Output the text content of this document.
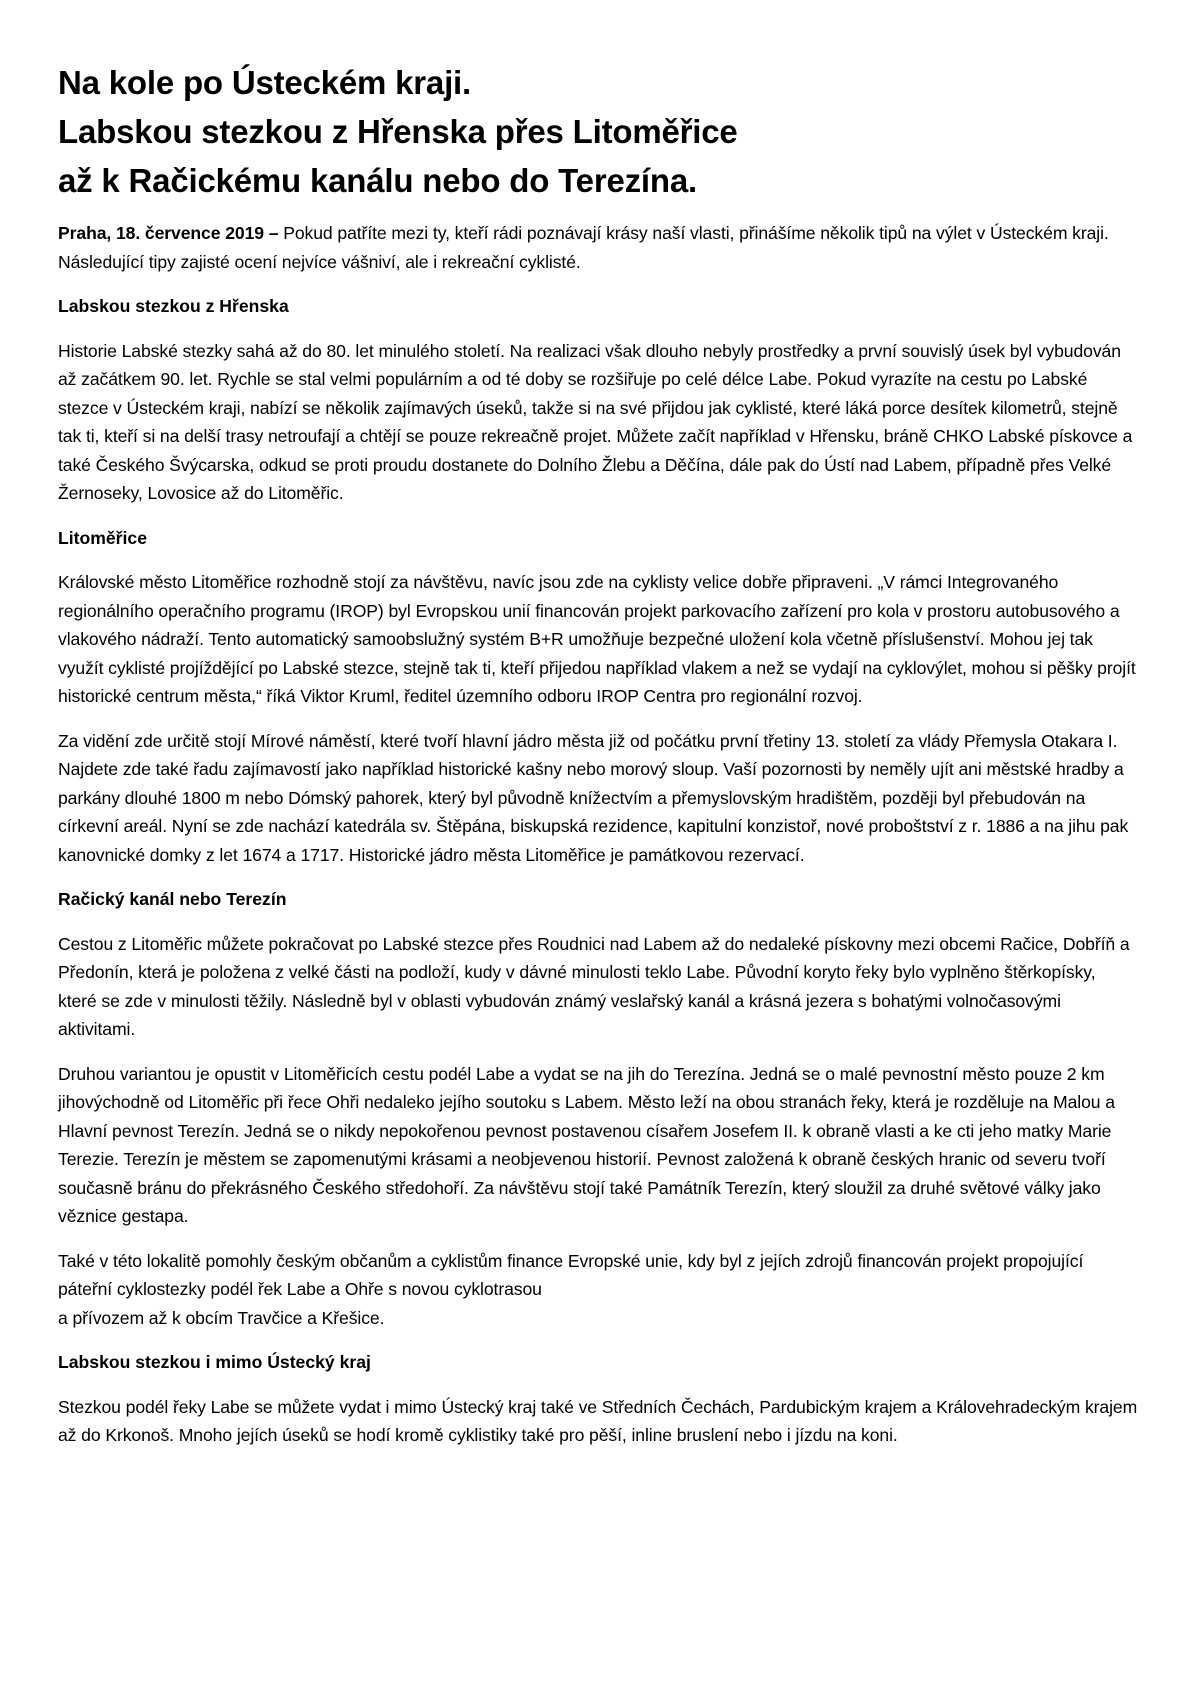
Na kole po Ústeckém kraji.
Labskou stezkou z Hřenska přes Litoměřice
až k Račickému kanálu nebo do Terezína.

Praha, 18. července 2019 – Pokud patříte mezi ty, kteří rádi poznávají krásy naší vlasti, přinášíme několik tipů na výlet v Ústeckém kraji. Následující tipy zajisté ocení nejvíce vášniví, ale i rekreační cyklisté.

Labskou stezkou z Hřenska

Historie Labské stezky sahá až do 80. let minulého století. Na realizaci však dlouho nebyly prostředky a první souvislý úsek byl vybudován až začátkem 90. let. Rychle se stal velmi populárním a od té doby se rozšiřuje po celé délce Labe. Pokud vyrazíte na cestu po Labské stezce v Ústeckém kraji, nabízí se několik zajímavých úseků, takže si na své přijdou jak cyklisté, které láká porce desítek kilometrů, stejně tak ti, kteří si na delší trasy netroufají a chtějí se pouze rekreačně projet. Můžete začít například v Hřensku, bráně CHKO Labské pískovce a také Českého Švýcarska, odkud se proti proudu dostanete do Dolního Žlebu a Děčína, dále pak do Ústí nad Labem, případně přes Velké Žernoseky, Lovosice až do Litoměřic.

Litoměřice

Královské město Litoměřice rozhodně stojí za návštěvu, navíc jsou zde na cyklisty velice dobře připraveni. „V rámci Integrovaného regionálního operačního programu (IROP) byl Evropskou unií financován projekt parkovacího zařízení pro kola v prostoru autobusového a vlakového nádraží. Tento automatický samoobslužný systém B+R umožňuje bezpečné uložení kola včetně příslušenství. Mohou jej tak využít cyklisté projíždějící po Labské stezce, stejně tak ti, kteří přijedou například vlakem a než se vydají na cyklovýlet, mohou si pěšky projít historické centrum města,“ říká Viktor Kruml, ředitel územního odboru IROP Centra pro regionální rozvoj.

Za vidění zde určitě stojí Mírové náměstí, které tvoří hlavní jádro města již od počátku první třetiny 13. století za vlády Přemysla Otakara I. Najdete zde také řadu zajímavostí jako například historické kašny nebo morový sloup. Vaší pozornosti by neměly ujít ani městské hradby a parkány dlouhé 1800 m nebo Dómský pahorek, který byl původně knížectvím a přemyslovským hradištěm, později byl přebudován na církevní areál. Nyní se zde nachází katedrála sv. Štěpána, biskupská rezidence, kapitulní konzistoř, nové proboštství z r. 1886 a na jihu pak kanovnické domky z let 1674 a 1717. Historické jádro města Litoměřice je památkovou rezervací.

Račický kanál nebo Terezín

Cestou z Litoměřic můžete pokračovat po Labské stezce přes Roudnici nad Labem až do nedaleké pískovny mezi obcemi Račice, Dobříň a Předonín, která je položena z velké části na podloží, kudy v dávné minulosti teklo Labe. Původní koryto řeky bylo vyplněno štěrkopísky, které se zde v minulosti těžily. Následně byl v oblasti vybudován známý veslařský kanál a krásná jezera s bohatými volnočasovými aktivitami.

Druhou variantou je opustit v Litoměřicích cestu podél Labe a vydat se na jih do Terezína. Jedná se o malé pevnostní město pouze 2 km jihovýchodně od Litoměřic při řece Ohři nedaleko jejího soutoku s Labem. Město leží na obou stranách řeky, která je rozděluje na Malou a Hlavní pevnost Terezín. Jedná se o nikdy nepokořenou pevnost postavenou císařem Josefem II. k obraně vlasti a ke cti jeho matky Marie Terezie. Terezín je městem se zapomenutými krásami a neobjevenou historií. Pevnost založená k obraně českých hranic od severu tvoří současně bránu do překrásného Českého středohoří. Za návštěvu stojí také Památník Terezín, který sloužil za druhé světové války jako věznice gestapa.

Také v této lokalitě pomohly českým občanům a cyklistům finance Evropské unie, kdy byl z jejích zdrojů financován projekt propojující páteřní cyklostezky podél řek Labe a Ohře s novou cyklotrasou
a přívozem až k obcím Travčice a Křešice.

Labskou stezkou i mimo Ústecký kraj

Stezkou podél řeky Labe se můžete vydat i mimo Ústecký kraj také ve Středních Čechách, Pardubickým krajem a Královehradeckým krajem až do Krkonoš. Mnoho jejích úseků se hodí kromě cyklistiky také pro pěší, inline bruslení nebo i jízdu na koni.
